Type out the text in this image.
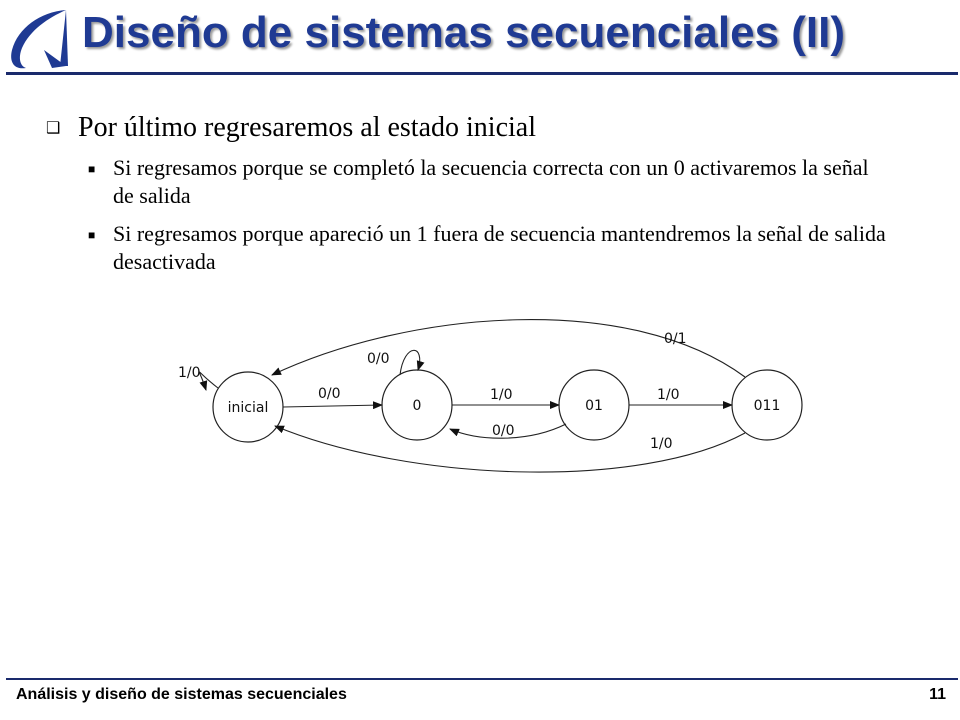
Diseño de sistemas secuenciales (II)
❑ Por último regresaremos al estado inicial
■ Si regresamos porque se completó la secuencia correcta con un 0 activaremos la señal de salida
■ Si regresamos porque apareció un 1 fuera de secuencia mantendremos la señal de salida desactivada
inicial	0	01	011
1/0
0/0
0/0
1/0
0/0
1/0
0/1
1/0
Análisis y diseño de sistemas secuenciales	11
